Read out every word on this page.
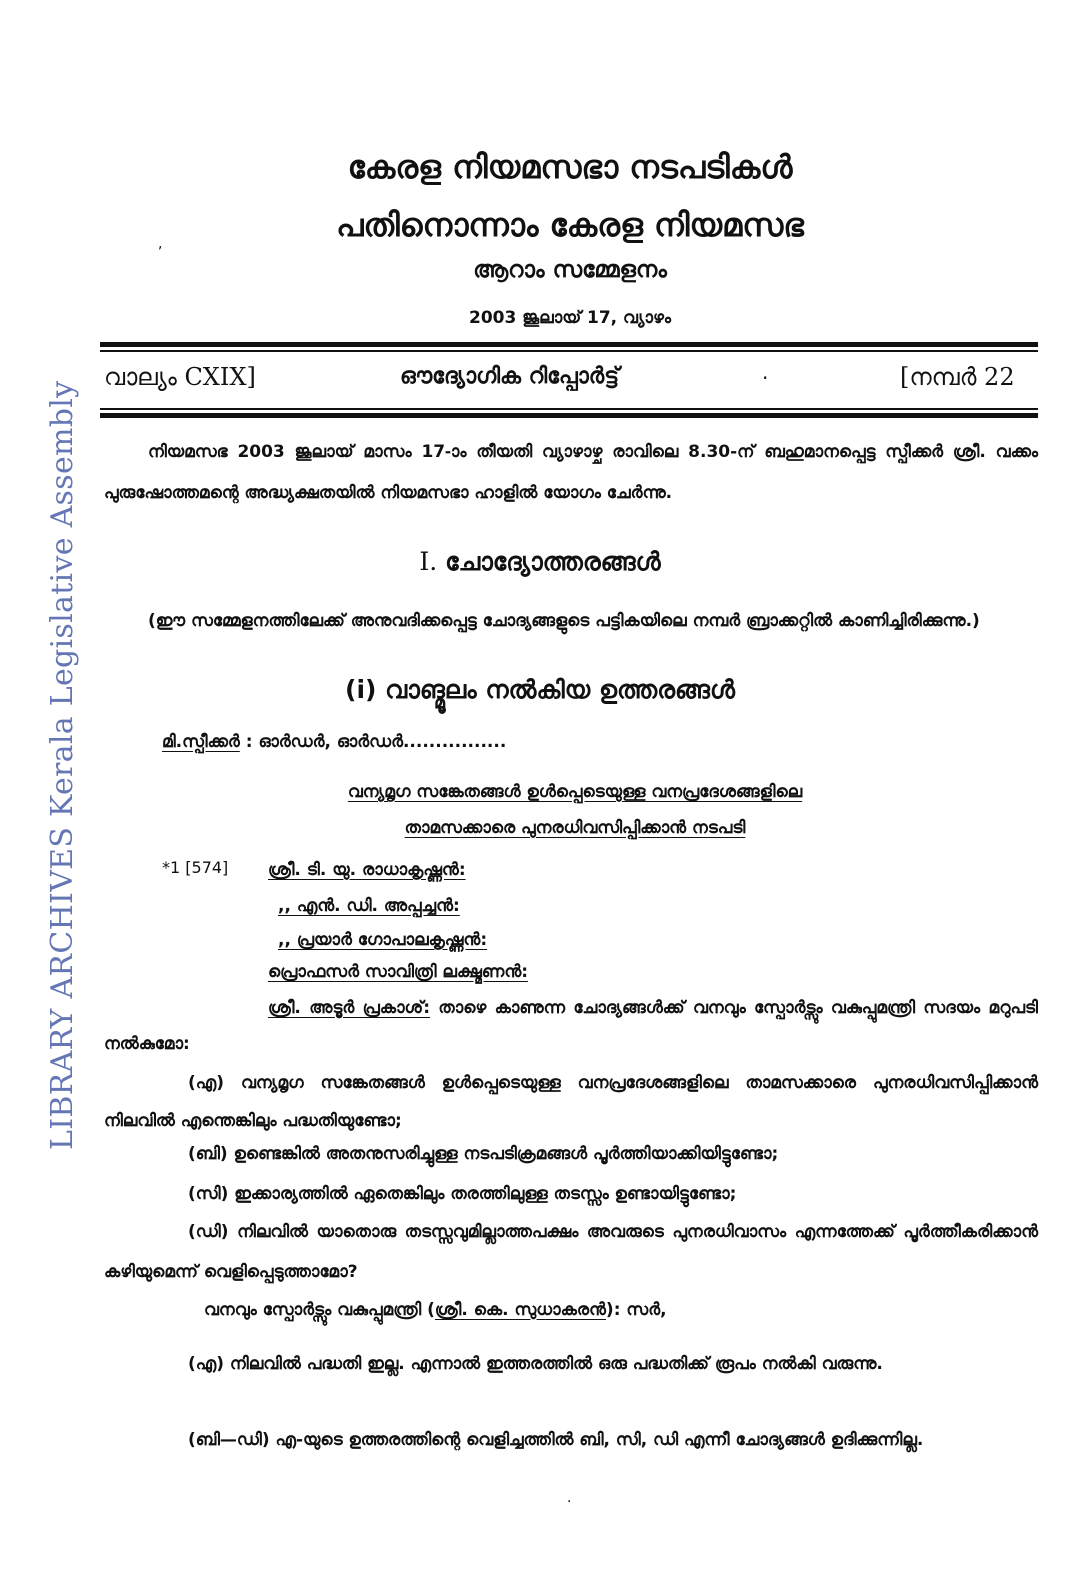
LIBRARY ARCHIVES Kerala Legislative Assembly
,
കേരള നിയമസഭാ നടപടികൾ
പതിനൊന്നാം കേരള നിയമസഭ
ആറാം സമ്മേളനം
2003 ജൂലായ് 17, വ്യാഴം
വാല്യം CXIX]	ഔദ്യോഗിക റിപ്പോർട്ട്	·	[നമ്പർ 22
നിയമസഭ 2003 ജൂലായ് മാസം 17-ാം തീയതി വ്യാഴാഴ്ച രാവിലെ 8.30-ന് ബഹുമാനപ്പെട്ട സ്പീക്കർ ശ്രീ. വക്കം പുരുഷോത്തമന്റെ അദ്ധ്യക്ഷതയിൽ നിയമസഭാ ഹാളിൽ യോഗം ചേർന്നു.
I. ചോദ്യോത്തരങ്ങൾ
(ഈ സമ്മേളനത്തിലേക്ക് അനുവദിക്കപ്പെട്ട ചോദ്യങ്ങളുടെ പട്ടികയിലെ നമ്പർ ബ്രാക്കറ്റിൽ കാണിച്ചിരിക്കുന്നു.)
(i) വാങ്മൂലം നൽകിയ ഉത്തരങ്ങൾ
മി.സ്പീക്കർ : ഓർഡർ, ഓർഡർ................
വന്യമൃഗ സങ്കേതങ്ങൾ ഉൾപ്പെടെയുള്ള വനപ്രദേശങ്ങളിലെ
താമസക്കാരെ പുനരധിവസിപ്പിക്കാൻ നടപടി
*1 [574] ശ്രീ. ടി. യു. രാധാകൃഷ്ണൻ:
,, എൻ. ഡി. അപ്പച്ചൻ:
,, പ്രയാർ ഗോപാലകൃഷ്ണൻ:
പ്രൊഫസർ സാവിത്രി ലക്ഷ്മണൻ:
ശ്രീ. അടൂർ പ്രകാശ്: താഴെ കാണുന്ന ചോദ്യങ്ങൾക്ക് വനവും സ്പോർട്സും വകുപ്പുമന്ത്രി സദയം മറുപടി നൽകുമോ:
(എ) വന്യമൃഗ സങ്കേതങ്ങൾ ഉൾപ്പെടെയുള്ള വനപ്രദേശങ്ങളിലെ താമസക്കാരെ പുനരധിവസിപ്പിക്കാൻ നിലവിൽ എന്തെങ്കിലും പദ്ധതിയുണ്ടോ;
(ബി) ഉണ്ടെങ്കിൽ അതനുസരിച്ചുള്ള നടപടിക്രമങ്ങൾ പൂർത്തിയാക്കിയിട്ടുണ്ടോ;
(സി) ഇക്കാര്യത്തിൽ ഏതെങ്കിലും തരത്തിലുള്ള തടസ്സം ഉണ്ടായിട്ടുണ്ടോ;
(ഡി) നിലവിൽ യാതൊരു തടസ്സവുമില്ലാത്തപക്ഷം അവരുടെ പുനരധിവാസം എന്നത്തേക്ക് പൂർത്തീകരിക്കാൻ കഴിയുമെന്ന് വെളിപ്പെടുത്താമോ?
വനവും സ്പോർട്സും വകുപ്പുമന്ത്രി (ശ്രീ. കെ. സുധാകരൻ): സർ,
(എ) നിലവിൽ പദ്ധതി ഇല്ല. എന്നാൽ ഇത്തരത്തിൽ ഒരു പദ്ധതിക്ക് രൂപം നൽകി വരുന്നു.
(ബി—ഡി) എ-യുടെ ഉത്തരത്തിന്റെ വെളിച്ചത്തിൽ ബി, സി, ഡി എന്നീ ചോദ്യങ്ങൾ ഉദിക്കുന്നില്ല.
·
